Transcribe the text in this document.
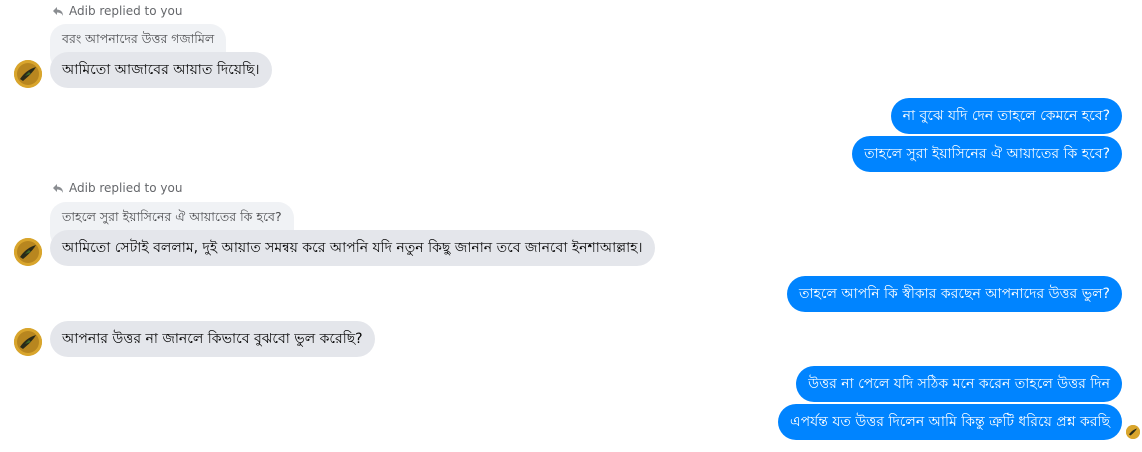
Adib replied to you
বরং আপনাদের উত্তর গজামিল
আমিতো আজাবের আয়াত দিয়েছি।
না বুঝে যদি দেন তাহলে কেমনে হবে?
তাহলে সুরা ইয়াসিনের ঐ আয়াতের কি হবে?
Adib replied to you
তাহলে সুরা ইয়াসিনের ঐ আয়াতের কি হবে?
আমিতো সেটাই বললাম, দুই আয়াত সমন্বয় করে আপনি যদি নতুন কিছু জানান তবে জানবো ইনশাআল্লাহ।
তাহলে আপনি কি স্বীকার করছেন আপনাদের উত্তর ভুল?
আপনার উত্তর না জানলে কিভাবে বুঝবো ভুল করেছি?
উত্তর না পেলে যদি সঠিক মনে করেন তাহলে উত্তর দিন
এপর্যন্ত যত উত্তর দিলেন আমি কিন্তু ত্রুটি ধরিয়ে প্রশ্ন করছি
